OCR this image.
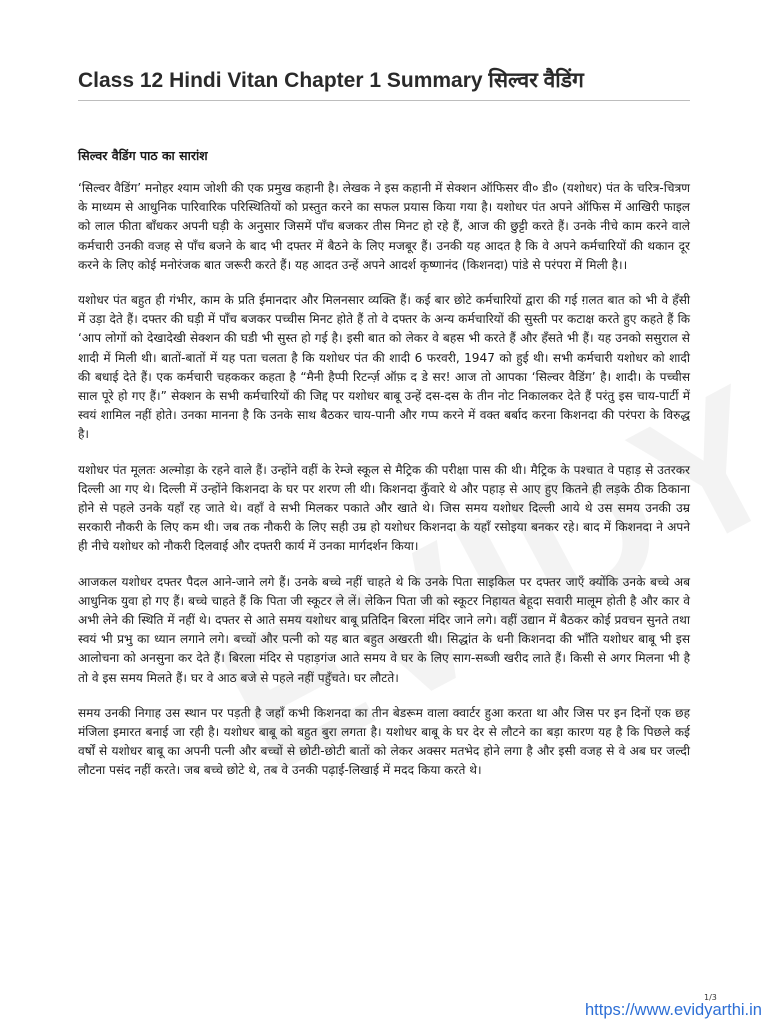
Class 12 Hindi Vitan Chapter 1 Summary सिल्वर वैडिंग
सिल्वर वैडिंग पाठ का सारांश

‘सिल्वर वैडिंग’ मनोहर श्याम जोशी की एक प्रमुख कहानी है। लेखक ने इस कहानी में सेक्शन ऑफिसर वी० डी० (यशोधर) पंत के चरित्र-चित्रण के माध्यम से आधुनिक पारिवारिक परिस्थितियों को प्रस्तुत करने का सफल प्रयास किया गया है। यशोधर पंत अपने ऑफिस में आखिरी फाइल को लाल फीता बाँधकर अपनी घड़ी के अनुसार जिसमें पाँच बजकर तीस मिनट हो रहे हैं, आज की छुट्टी करते हैं। उनके नीचे काम करने वाले कर्मचारी उनकी वजह से पाँच बजने के बाद भी दफ्तर में बैठने के लिए मजबूर हैं। उनकी यह आदत है कि वे अपने कर्मचारियों की थकान दूर करने के लिए कोई मनोरंजक बात जरूरी करते हैं। यह आदत उन्हें अपने आदर्श कृष्णानंद (किशनदा) पांडे से परंपरा में मिली है।।

यशोधर पंत बहुत ही गंभीर, काम के प्रति ईमानदार और मिलनसार व्यक्ति हैं। कई बार छोटे कर्मचारियों द्वारा की गई ग़लत बात को भी वे हँसी में उड़ा देते हैं। दफ्तर की घड़ी में पाँच बजकर पच्चीस मिनट होते हैं तो वे दफ्तर के अन्य कर्मचारियों की सुस्ती पर कटाक्ष करते हुए कहते हैं कि ‘आप लोगों को देखादेखी सेक्शन की घडी भी सुस्त हो गई है। इसी बात को लेकर वे बहस भी करते हैं और हँसते भी हैं। यह उनको ससुराल से शादी में मिली थी। बातों-बातों में यह पता चलता है कि यशोधर पंत की शादी 6 फरवरी, 1947 को हुई थी। सभी कर्मचारी यशोधर को शादी की बधाई देते हैं। एक कर्मचारी चहककर कहता है “मैनी हैप्पी रिटर्न्ज़ ऑफ़ द डे सर! आज तो आपका ‘सिल्वर वैडिंग’ है। शादी। के पच्चीस साल पूरे हो गए हैं।” सेक्शन के सभी कर्मचारियों की जिद्द पर यशोधर बाबू उन्हें दस-दस के तीन नोट निकालकर देते हैं परंतु इस चाय-पार्टी में स्वयं शामिल नहीं होते। उनका मानना है कि उनके साथ बैठकर चाय-पानी और गप्प करने में वक्त बर्बाद करना किशनदा की परंपरा के विरुद्ध है।

यशोधर पंत मूलतः अल्मोड़ा के रहने वाले हैं। उन्होंने वहीं के रेम्जे स्कूल से मैट्रिक की परीक्षा पास की थी। मैट्रिक के पश्चात वे पहाड़ से उतरकर दिल्ली आ गए थे। दिल्ली में उन्होंने किशनदा के घर पर शरण ली थी। किशनदा कुँवारे थे और पहाड़ से आए हुए कितने ही लड़के ठीक ठिकाना होने से पहले उनके यहाँ रह जाते थे। वहाँ वे सभी मिलकर पकाते और खाते थे। जिस समय यशोधर दिल्ली आये थे उस समय उनकी उम्र सरकारी नौकरी के लिए कम थी। जब तक नौकरी के लिए सही उम्र हो यशोधर किशनदा के यहाँ रसोइया बनकर रहे। बाद में किशनदा ने अपने ही नीचे यशोधर को नौकरी दिलवाई और दफ्तरी कार्य में उनका मार्गदर्शन किया।

आजकल यशोधर दफ्तर पैदल आने-जाने लगे हैं। उनके बच्चे नहीं चाहते थे कि उनके पिता साइकिल पर दफ्तर जाएँ क्योंकि उनके बच्चे अब आधुनिक युवा हो गए हैं। बच्चे चाहते हैं कि पिता जी स्कूटर ले लें। लेकिन पिता जी को स्कूटर निहायत बेहूदा सवारी मालूम होती है और कार वे अभी लेने की स्थिति में नहीं थे। दफ्तर से आते समय यशोधर बाबू प्रतिदिन बिरला मंदिर जाने लगे। वहीं उद्यान में बैठकर कोई प्रवचन सुनते तथा स्वयं भी प्रभु का ध्यान लगाने लगे। बच्चों और पत्नी को यह बात बहुत अखरती थी। सिद्धांत के धनी किशनदा की भाँति यशोधर बाबू भी इस आलोचना को अनसुना कर देते हैं। बिरला मंदिर से पहाड़गंज आते समय वे घर के लिए साग-सब्जी खरीद लाते हैं। किसी से अगर मिलना भी है तो वे इस समय मिलते हैं। घर वे आठ बजे से पहले नहीं पहुँचते। घर लौटते।

समय उनकी निगाह उस स्थान पर पड़ती है जहाँ कभी किशनदा का तीन बेडरूम वाला क्वार्टर हुआ करता था और जिस पर इन दिनों एक छह मंजिला इमारत बनाई जा रही है। यशोधर बाबू को बहुत बुरा लगता है। यशोधर बाबू के घर देर से लौटने का बड़ा कारण यह है कि पिछले कई वर्षों से यशोधर बाबू का अपनी पत्नी और बच्चों से छोटी-छोटी बातों को लेकर अक्सर मतभेद होने लगा है और इसी वजह से वे अब घर जल्दी लौटना पसंद नहीं करते। जब बच्चे छोटे थे, तब वे उनकी पढ़ाई-लिखाई में मदद किया करते थे।

1/3
https://www.evidyarthi.in
